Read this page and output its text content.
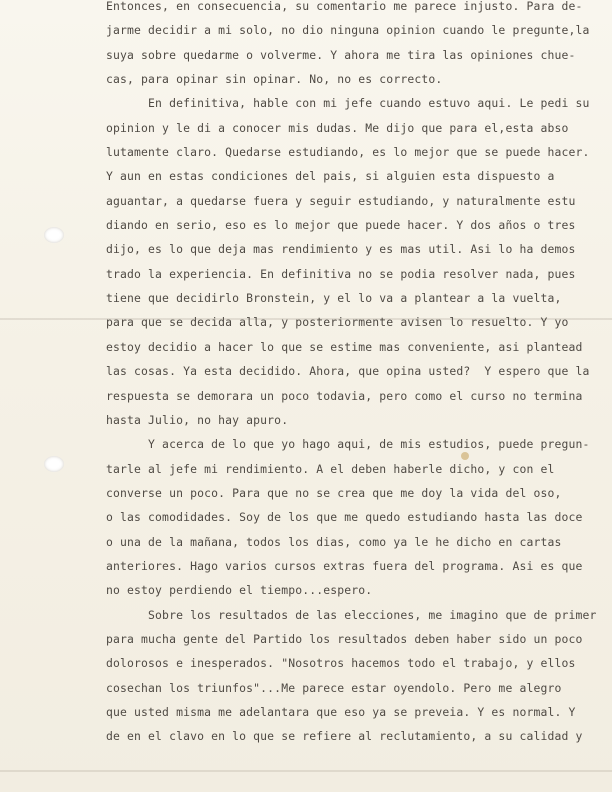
Entonces, en consecuencia, su comentario me parece injusto. Para de-
jarme decidir a mi solo, no dio ninguna opinion cuando le pregunte,la
suya sobre quedarme o volverme. Y ahora me tira las opiniones chue-
cas, para opinar sin opinar. No, no es correcto.
En definitiva, hable con mi jefe cuando estuvo aqui. Le pedi su
opinion y le di a conocer mis dudas. Me dijo que para el,esta abso
lutamente claro. Quedarse estudiando, es lo mejor que se puede hacer.
Y aun en estas condiciones del pais, si alguien esta dispuesto a
aguantar, a quedarse fuera y seguir estudiando, y naturalmente estu
diando en serio, eso es lo mejor que puede hacer. Y dos años o tres
dijo, es lo que deja mas rendimiento y es mas util. Asi lo ha demos
trado la experiencia. En definitiva no se podia resolver nada, pues
tiene que decidirlo Bronstein, y el lo va a plantear a la vuelta,
para que se decida alla, y posteriormente avisen lo resuelto. Y yo
estoy decidio a hacer lo que se estime mas conveniente, asi plantead
las cosas. Ya esta decidido. Ahora, que opina usted?  Y espero que la
respuesta se demorara un poco todavia, pero como el curso no termina
hasta Julio, no hay apuro.
Y acerca de lo que yo hago aqui, de mis estudios, puede pregun-
tarle al jefe mi rendimiento. A el deben haberle dicho, y con el
converse un poco. Para que no se crea que me doy la vida del oso,
o las comodidades. Soy de los que me quedo estudiando hasta las doce
o una de la mañana, todos los dias, como ya le he dicho en cartas
anteriores. Hago varios cursos extras fuera del programa. Asi es que
no estoy perdiendo el tiempo...espero.
Sobre los resultados de las elecciones, me imagino que de primer
para mucha gente del Partido los resultados deben haber sido un poco
dolorosos e inesperados. "Nosotros hacemos todo el trabajo, y ellos
cosechan los triunfos"...Me parece estar oyendolo. Pero me alegro
que usted misma me adelantara que eso ya se preveia. Y es normal. Y
de en el clavo en lo que se refiere al reclutamiento, a su calidad y
